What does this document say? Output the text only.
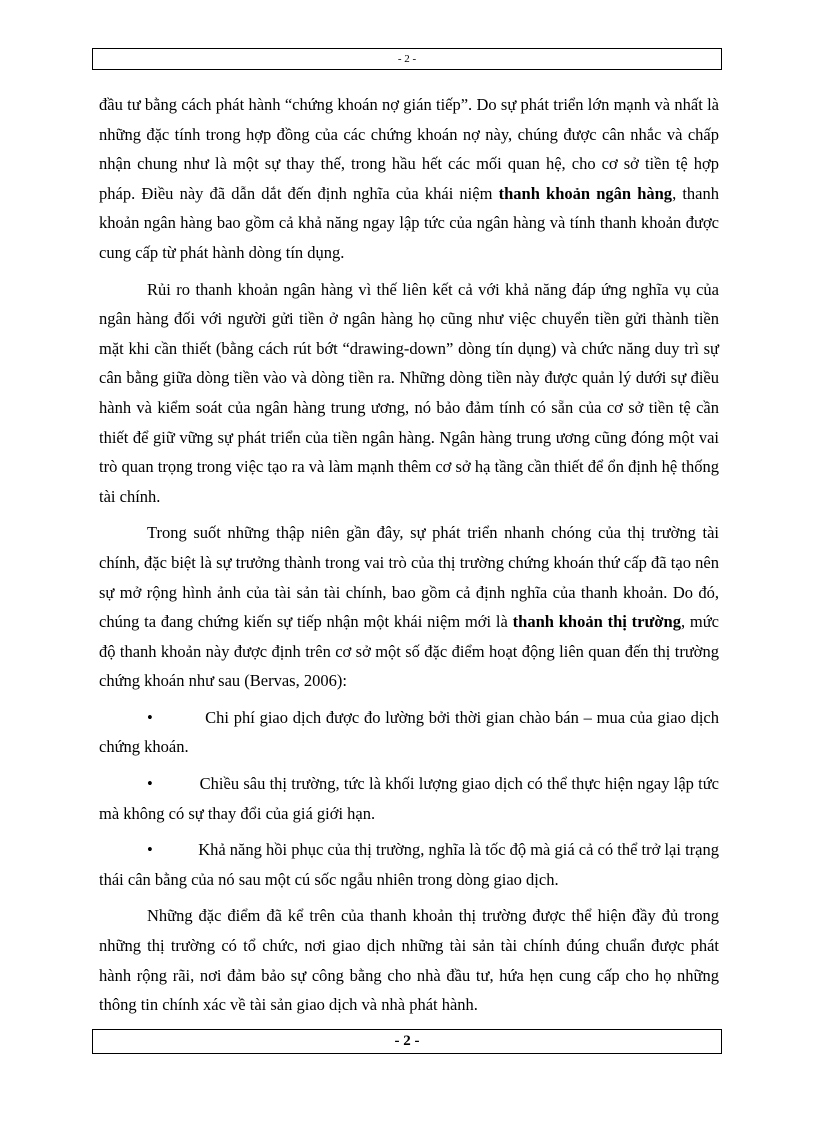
- 2 -

đầu tư bằng cách phát hành “chứng khoán nợ gián tiếp”. Do sự phát triển lớn mạnh và nhất là những đặc tính trong hợp đồng của các chứng khoán nợ này, chúng được cân nhắc và chấp nhận chung như là một sự thay thế, trong hầu hết các mối quan hệ, cho cơ sở tiền tệ hợp pháp. Điều này đã dẫn dắt đến định nghĩa của khái niệm thanh khoản ngân hàng, thanh khoản ngân hàng bao gồm cả khả năng ngay lập tức của ngân hàng và tính thanh khoản được cung cấp từ phát hành dòng tín dụng.

Rủi ro thanh khoản ngân hàng vì thế liên kết cả với khả năng đáp ứng nghĩa vụ của ngân hàng đối với người gửi tiền ở ngân hàng họ cũng như việc chuyển tiền gửi thành tiền mặt khi cần thiết (bằng cách rút bớt “drawing-down” dòng tín dụng) và chức năng duy trì sự cân bằng giữa dòng tiền vào và dòng tiền ra. Những dòng tiền này được quản lý dưới sự điều hành và kiểm soát của ngân hàng trung ương, nó bảo đảm tính có sẵn của cơ sở tiền tệ cần thiết để giữ vững sự phát triển của tiền ngân hàng. Ngân hàng trung ương cũng đóng một vai trò quan trọng trong việc tạo ra và làm mạnh thêm cơ sở hạ tầng cần thiết để ổn định hệ thống tài chính.

Trong suốt những thập niên gần đây, sự phát triển nhanh chóng của thị trường tài chính, đặc biệt là sự trưởng thành trong vai trò của thị trường chứng khoán thứ cấp đã tạo nên sự mở rộng hình ảnh của tài sản tài chính, bao gồm cả định nghĩa của thanh khoản. Do đó, chúng ta đang chứng kiến sự tiếp nhận một khái niệm mới là thanh khoản thị trường, mức độ thanh khoản này được định trên cơ sở một số đặc điểm hoạt động liên quan đến thị trường chứng khoán như sau (Bervas, 2006):

•	Chi phí giao dịch được đo lường bởi thời gian chào bán – mua của giao dịch chứng khoán.

•	Chiều sâu thị trường, tức là khối lượng giao dịch có thể thực hiện ngay lập tức mà không có sự thay đổi của giá giới hạn.

•	Khả năng hồi phục của thị trường, nghĩa là tốc độ mà giá cả có thể trở lại trạng thái cân bằng của nó sau một cú sốc ngẫu nhiên trong dòng giao dịch.

Những đặc điểm đã kể trên của thanh khoản thị trường được thể hiện đầy đủ trong những thị trường có tổ chức, nơi giao dịch những tài sản tài chính đúng chuẩn được phát hành rộng rãi, nơi đảm bảo sự công bằng cho nhà đầu tư, hứa hẹn cung cấp cho họ những thông tin chính xác về tài sản giao dịch và nhà phát hành.

- 2 -
